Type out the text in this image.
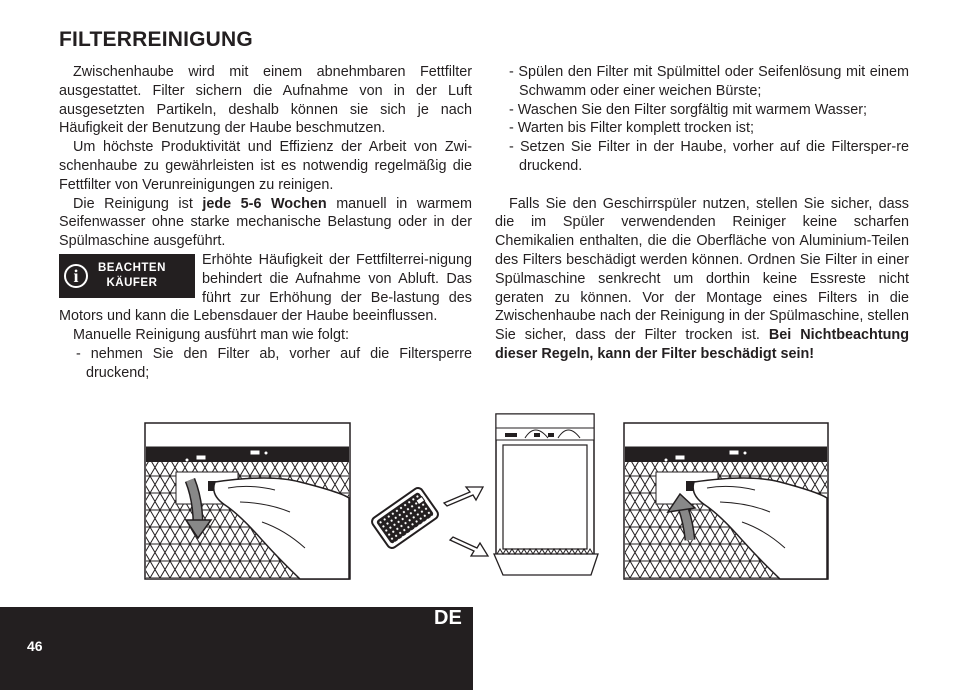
FILTERREINIGUNG

Zwischenhaube wird mit einem abnehmbaren Fettfilter ausgestattet. Filter sichern die Aufnahme von in der Luft ausgesetzten Partikeln, deshalb können sie sich je nach Häufigkeit der Benutzung der Haube beschmutzen.

Um höchste Produktivität und Effizienz der Arbeit von Zwi-schenhaube zu gewährleisten ist es notwendig regelmäßig die Fettfilter von Verunreinigungen zu reinigen.

Die Reinigung ist jede 5-6 Wochen manuell in warmem Seifenwasser ohne starke mechanische Belastung oder in der Spülmaschine ausgeführt.

i	BEACHTEN
KÄUFER

Erhöhte Häufigkeit der Fettfilterrei-nigung behindert die Aufnahme von Abluft. Das führt zur Erhöhung der Be-lastung des Motors und kann die Lebensdauer der Haube beeinflussen.

Manuelle Reinigung ausführt man wie folgt:

- nehmen Sie den Filter ab, vorher auf die Filtersperre druckend;

- Spülen den Filter mit Spülmittel oder Seifenlösung mit einem Schwamm oder einer weichen Bürste;

- Waschen Sie den Filter sorgfältig mit warmem Wasser;

- Warten bis Filter komplett trocken ist;

- Setzen Sie Filter in der Haube, vorher auf die Filtersper-re druckend.

Falls Sie den Geschirrspüler nutzen, stellen Sie sicher, dass die im Spüler verwendenden Reiniger keine scharfen Chemikalien enthalten, die die Oberfläche von Aluminium-Teilen des Filters beschädigt werden können. Ordnen Sie Filter in einer Spülmaschine senkrecht um dorthin keine Essreste nicht geraten zu können. Vor der Montage eines Filters in die Zwischenhaube nach der Reinigung in der Spülmaschine, stellen Sie sicher, dass der Filter trocken ist. Bei Nichtbeachtung dieser Regeln, kann der Filter beschädigt sein!

DE
46
